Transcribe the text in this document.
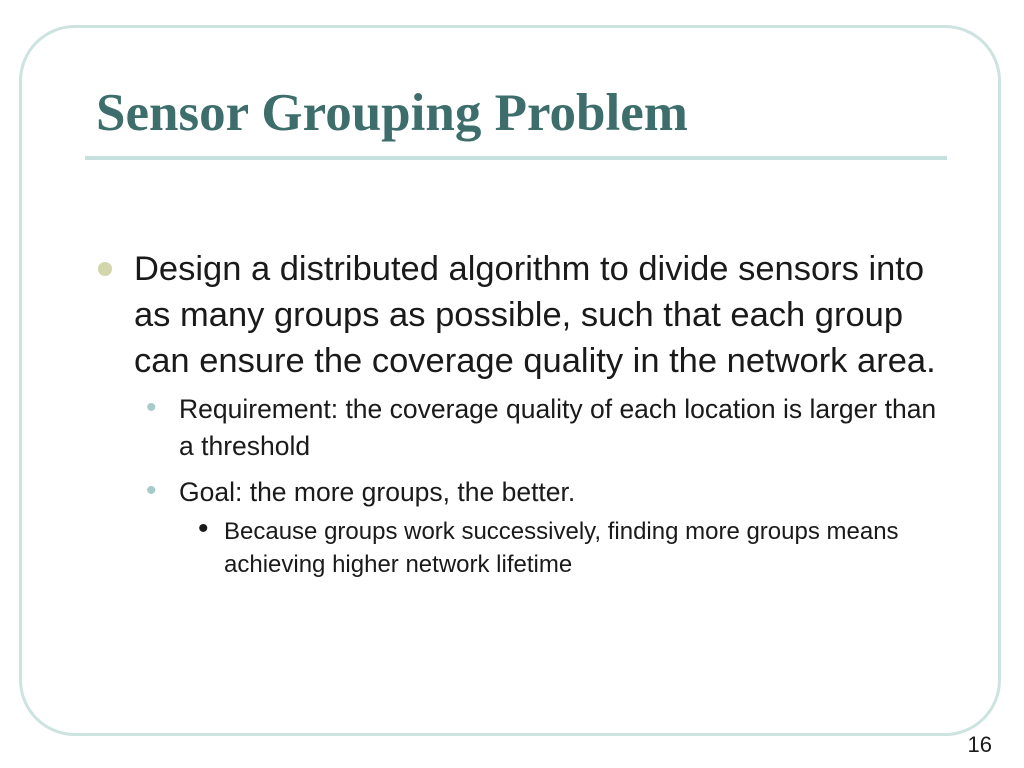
Sensor Grouping Problem
Design a distributed algorithm to divide sensors into as many groups as possible, such that each group can ensure the coverage quality in the network area.
• Requirement: the coverage quality of each location is larger than a threshold
• Goal: the more groups, the better.
• Because groups work successively, finding more groups means achieving higher network lifetime
16
